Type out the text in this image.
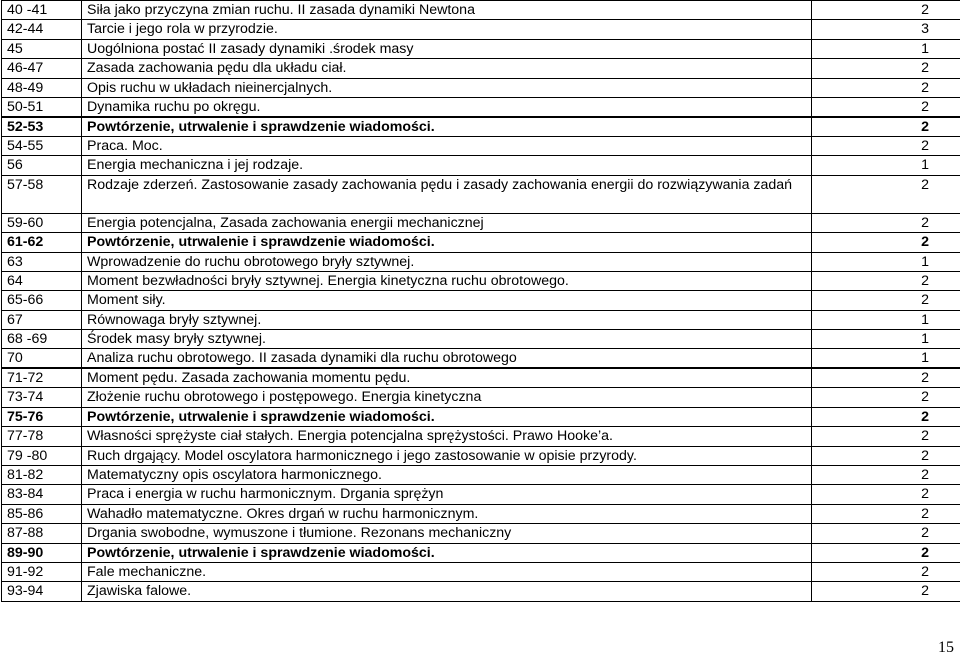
40 -41	Siła jako przyczyna zmian ruchu. II zasada dynamiki Newtona	2
42-44	Tarcie i jego rola w przyrodzie.	3
45	Uogólniona postać II zasady dynamiki .środek masy	1
46-47	Zasada zachowania pędu dla układu ciał.	2
48-49	Opis ruchu w układach nieinercjalnych.	2
50-51	Dynamika ruchu po okręgu.	2
52-53	Powtórzenie, utrwalenie i sprawdzenie wiadomości.	2
54-55	Praca. Moc.	2
56	Energia mechaniczna i jej rodzaje.	1
57-58	Rodzaje zderzeń. Zastosowanie zasady zachowania pędu i zasady zachowania energii do rozwiązywania zadań	2
59-60	Energia potencjalna, Zasada zachowania energii mechanicznej	2
61-62	Powtórzenie, utrwalenie i sprawdzenie wiadomości.	2
63	Wprowadzenie do ruchu obrotowego bryły sztywnej.	1
64	Moment bezwładności bryły sztywnej. Energia kinetyczna ruchu obrotowego.	2
65-66	Moment siły.	2
67	Równowaga bryły sztywnej.	1
68 -69	Środek masy bryły sztywnej.	1
70	Analiza ruchu obrotowego. II zasada dynamiki dla ruchu obrotowego	1
71-72	Moment pędu. Zasada zachowania momentu pędu.	2
73-74	Złożenie ruchu obrotowego i postępowego. Energia kinetyczna	2
75-76	Powtórzenie, utrwalenie i sprawdzenie wiadomości.	2
77-78	Własności sprężyste ciał stałych. Energia potencjalna sprężystości. Prawo Hooke’a.	2
79 -80	Ruch drgający. Model oscylatora harmonicznego i jego zastosowanie w opisie przyrody.	2
81-82	Matematyczny opis oscylatora harmonicznego.	2
83-84	Praca i energia w ruchu harmonicznym. Drgania sprężyn	2
85-86	Wahadło matematyczne. Okres drgań w ruchu harmonicznym.	2
87-88	Drgania swobodne, wymuszone i tłumione. Rezonans mechaniczny	2
89-90	Powtórzenie, utrwalenie i sprawdzenie wiadomości.	2
91-92	Fale mechaniczne.	2
93-94	Zjawiska falowe.	2
15
